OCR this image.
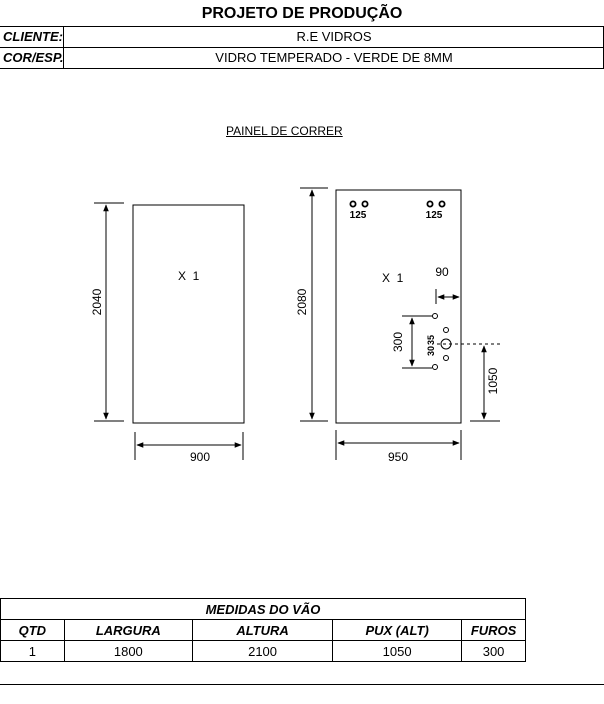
PROJETO DE PRODUÇÃO
CLIENTE:	R.E VIDROS
COR/ESP.	VIDRO TEMPERADO - VERDE DE 8MM
PAINEL DE CORRER
2040
900
X  1
125	125
X  1
2080
950
90
300 35
30
1050
MEDIDAS DO VÃO				
QTD	LARGURA	ALTURA	PUX (ALT)	FUROS
1	1800	2100	1050	300
